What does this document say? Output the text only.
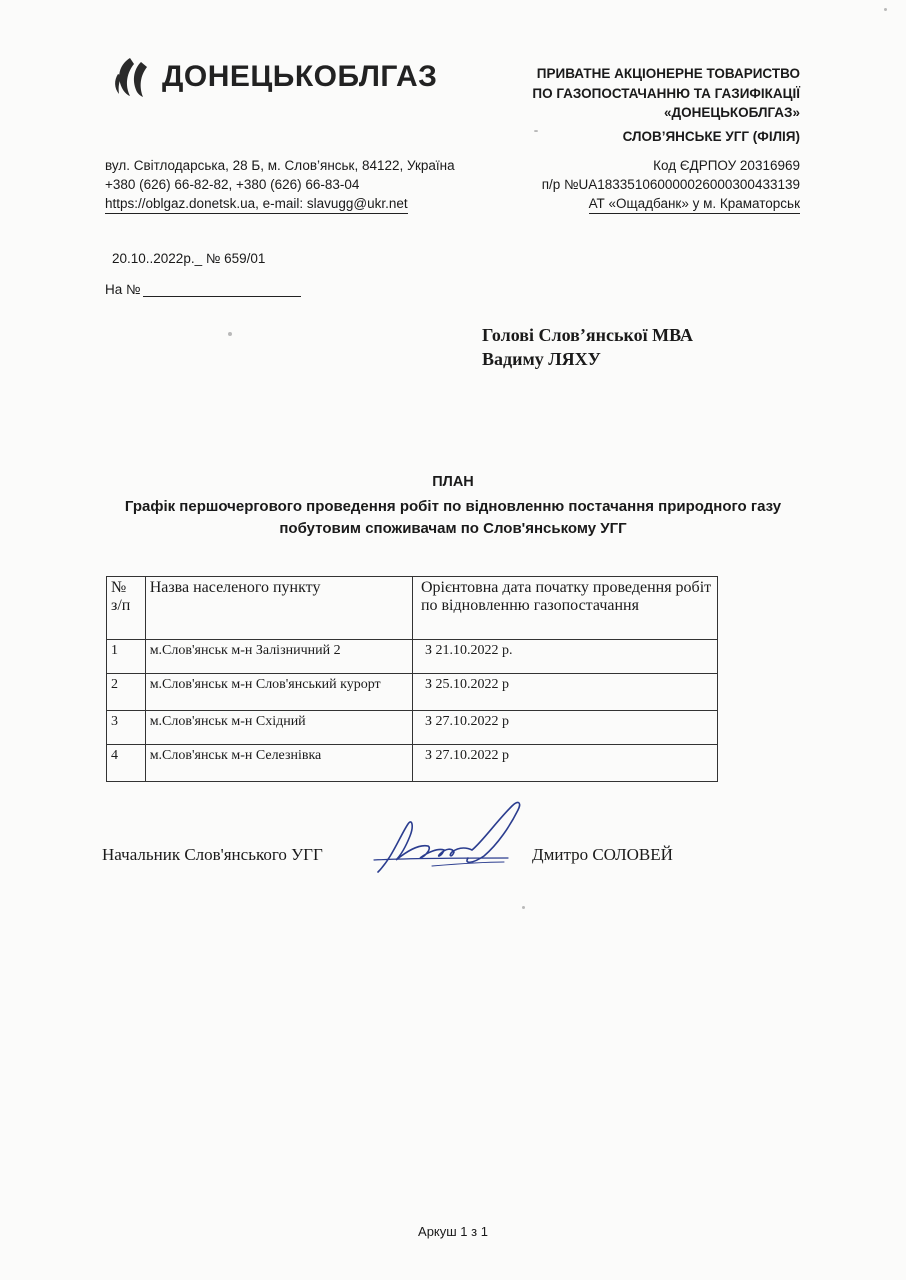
ДОНЕЦЬКОБЛГАЗ	ПРИВАТНЕ АКЦІОНЕРНЕ ТОВАРИСТВО
ПО ГАЗОПОСТАЧАННЮ ТА ГАЗИФІКАЦІЇ
«ДОНЕЦЬКОБЛГАЗ»
СЛОВ’ЯНСЬКЕ УГГ (ФІЛІЯ)
вул. Світлодарська, 28 Б, м. Слов’янськ, 84122, Україна
+380 (626) 66-82-82, +380 (626) 66-83-04
https://oblgaz.donetsk.ua, e-mail: slavugg@ukr.net
Код ЄДРПОУ 20316969
п/р №UA183351060000026000300433139
АТ «Ощадбанк» у м. Краматорськ
20.10..2022р._ № 659/01
На №
Голові Слов’янської МВА
Вадиму ЛЯХУ
ПЛАН
Графік першочергового проведення робіт по відновленню постачання природного газу побутовим споживачам по Слов'янському УГГ
№ з/п	Назва населеного пункту	Орієнтовна дата початку проведення робіт по відновленню газопостачання
1	м.Слов'янськ м-н Залізничний 2	З 21.10.2022 р.
2	м.Слов'янськ м-н Слов'янський курорт	З 25.10.2022 р
3	м.Слов'янськ м-н Східний	З 27.10.2022 р
4	м.Слов'янськ м-н Селезнівка	З 27.10.2022 р
Начальник Слов'янського УГГ	Дмитро СОЛОВЕЙ
Аркуш 1 з 1
